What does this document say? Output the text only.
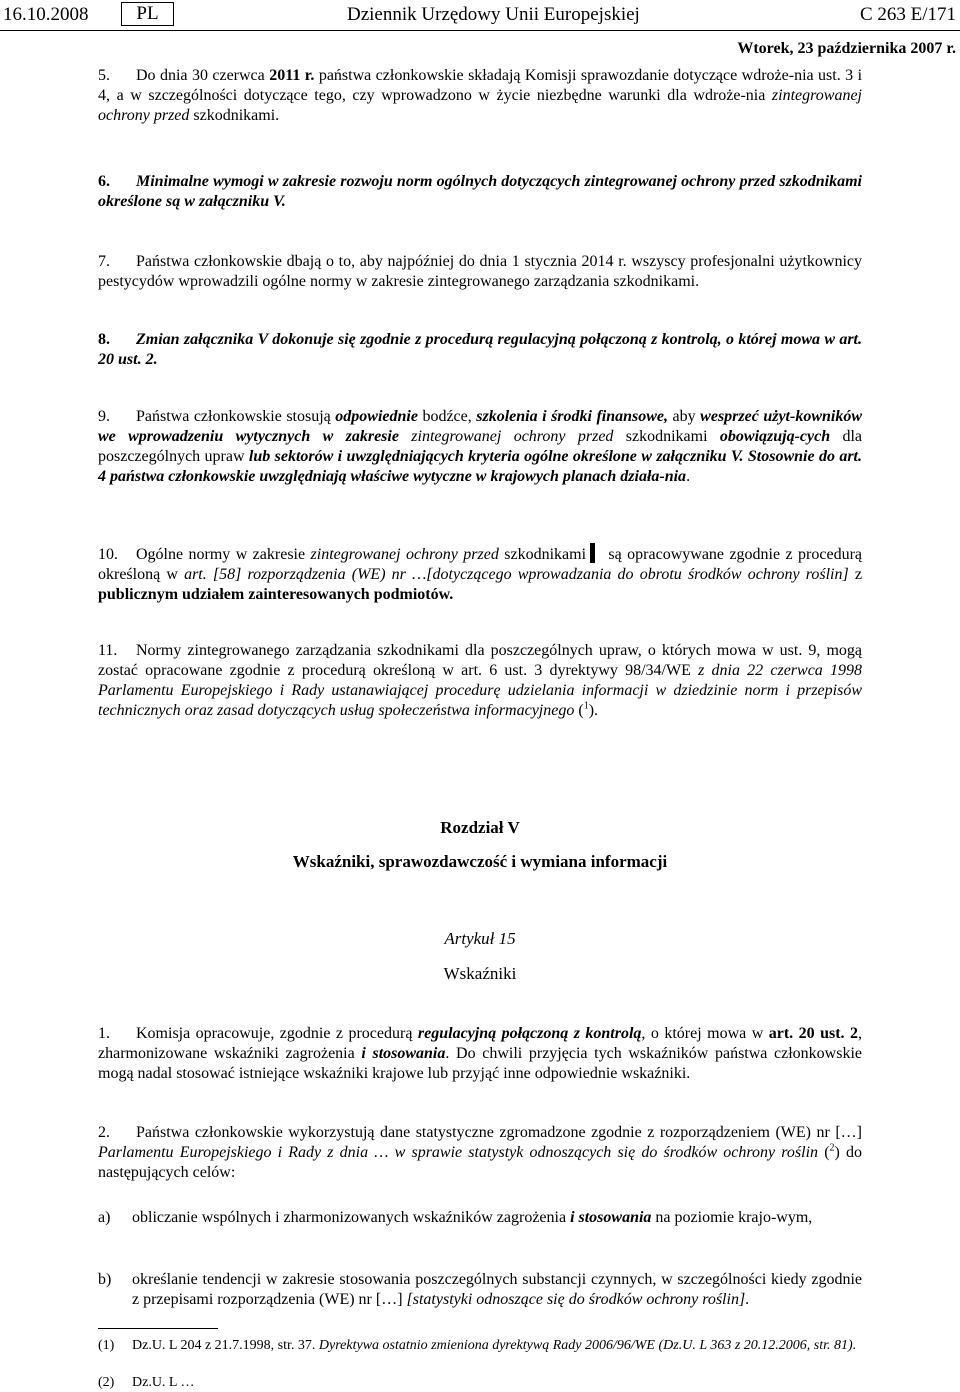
16.10.2008	PL	Dziennik Urzędowy Unii Europejskiej	C 263 E/171
Wtorek, 23 października 2007 r.

5. Do dnia 30 czerwca 2011 r. państwa członkowskie składają Komisji sprawozdanie dotyczące wdroże-nia ust. 3 i 4, a w szczególności dotyczące tego, czy wprowadzono w życie niezbędne warunki dla wdroże-nia zintegrowanej ochrony przed szkodnikami.

6. Minimalne wymogi w zakresie rozwoju norm ogólnych dotyczących zintegrowanej ochrony przed szkodnikami określone są w załączniku V.

7. Państwa członkowskie dbają o to, aby najpóźniej do dnia 1 stycznia 2014 r. wszyscy profesjonalni użytkownicy pestycydów wprowadzili ogólne normy w zakresie zintegrowanego zarządzania szkodnikami.

8. Zmian załącznika V dokonuje się zgodnie z procedurą regulacyjną połączoną z kontrolą, o której mowa w art. 20 ust. 2.

9. Państwa członkowskie stosują odpowiednie bodźce, szkolenia i środki finansowe, aby wesprzeć użyt-kowników we wprowadzeniu wytycznych w zakresie zintegrowanej ochrony przed szkodnikami obowiązują-cych dla poszczególnych upraw lub sektorów i uwzględniających kryteria ogólne określone w załączniku V. Stosownie do art. 4 państwa członkowskie uwzględniają właściwe wytyczne w krajowych planach działa-nia.

10. Ogólne normy w zakresie zintegrowanej ochrony przed szkodnikami są opracowywane zgodnie z procedurą określoną w art. [58] rozporządzenia (WE) nr …[dotyczącego wprowadzania do obrotu środków ochrony roślin] z publicznym udziałem zainteresowanych podmiotów.

11. Normy zintegrowanego zarządzania szkodnikami dla poszczególnych upraw, o których mowa w ust. 9, mogą zostać opracowane zgodnie z procedurą określoną w art. 6 ust. 3 dyrektywy 98/34/WE z dnia 22 czerwca 1998 Parlamentu Europejskiego i Rady ustanawiającej procedurę udzielania informacji w dziedzinie norm i przepisów technicznych oraz zasad dotyczących usług społeczeństwa informacyjnego ($^1$).

Rozdział V
Wskaźniki, sprawozdawczość i wymiana informacji
Artykuł 15
Wskaźniki

1. Komisja opracowuje, zgodnie z procedurą regulacyjną połączoną z kontrolą, o której mowa w art. 20 ust. 2, zharmonizowane wskaźniki zagrożenia i stosowania. Do chwili przyjęcia tych wskaźników państwa członkowskie mogą nadal stosować istniejące wskaźniki krajowe lub przyjąć inne odpowiednie wskaźniki.

2. Państwa członkowskie wykorzystują dane statystyczne zgromadzone zgodnie z rozporządzeniem (WE) nr […] Parlamentu Europejskiego i Rady z dnia … w sprawie statystyk odnoszących się do środków ochrony roślin ($^2$) do następujących celów:

a) obliczanie wspólnych i zharmonizowanych wskaźników zagrożenia i stosowania na poziomie krajo-wym,
b) określanie tendencji w zakresie stosowania poszczególnych substancji czynnych, w szczególności kiedy zgodnie z przepisami rozporządzenia (WE) nr […] [statystyki odnoszące się do środków ochrony roślin].
(1) Dz.U. L 204 z 21.7.1998, str. 37. Dyrektywa ostatnio zmieniona dyrektywą Rady 2006/96/WE (Dz.U. L 363 z 20.12.2006, str. 81).
(2) Dz.U. L …
